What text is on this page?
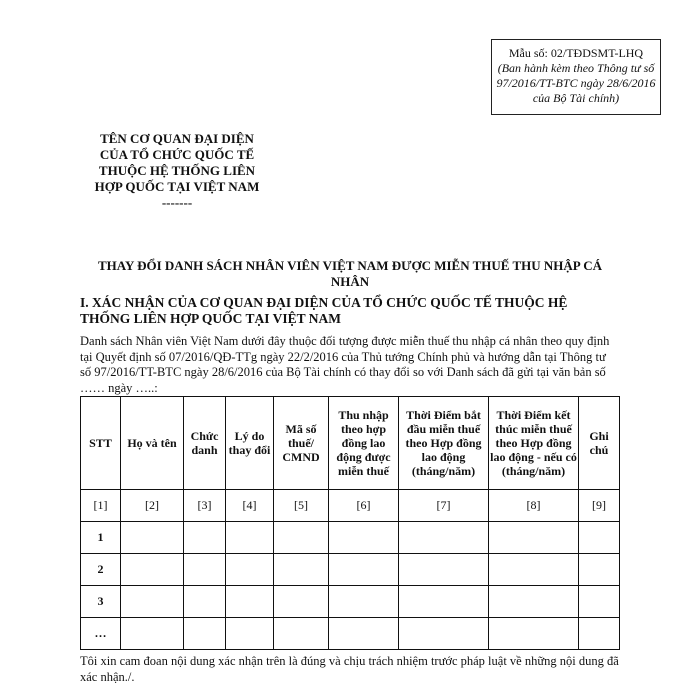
Mẫu số: 02/TĐDSMT-LHQ
(Ban hành kèm theo Thông tư số 97/2016/TT-BTC ngày 28/6/2016 của Bộ Tài chính)
TÊN CƠ QUAN ĐẠI DIỆN CỦA TỔ CHỨC QUỐC TẾ THUỘC HỆ THỐNG LIÊN HỢP QUỐC TẠI VIỆT NAM
-------
THAY ĐỔI DANH SÁCH NHÂN VIÊN VIỆT NAM ĐƯỢC MIỄN THUẾ THU NHẬP CÁ NHÂN
I. XÁC NHẬN CỦA CƠ QUAN ĐẠI DIỆN CỦA TỔ CHỨC QUỐC TẾ THUỘC HỆ THỐNG LIÊN HỢP QUỐC TẠI VIỆT NAM
Danh sách Nhân viên Việt Nam dưới đây thuộc đối tượng được miễn thuế thu nhập cá nhân theo quy định tại Quyết định số 07/2016/QĐ-TTg ngày 22/2/2016 của Thủ tướng Chính phủ và hướng dẫn tại Thông tư số 97/2016/TT-BTC ngày 28/6/2016 của Bộ Tài chính có thay đổi so với Danh sách đã gửi tại văn bản số …… ngày …..:
STT	Họ và tên	Chức danh	Lý do thay đổi	Mã số thuế/ CMND	Thu nhập theo hợp đồng lao động được miễn thuế	Thời Điểm bắt đầu miễn thuế theo Hợp đồng lao động (tháng/năm)	Thời Điểm kết thúc miễn thuế theo Hợp đồng lao động - nếu có (tháng/năm)	Ghi chú
[1]	[2]	[3]	[4]	[5]	[6]	[7]	[8]	[9]
1								
2								
3								
…								
Tôi xin cam đoan nội dung xác nhận trên là đúng và chịu trách nhiệm trước pháp luật về những nội dung đã xác nhận./.
